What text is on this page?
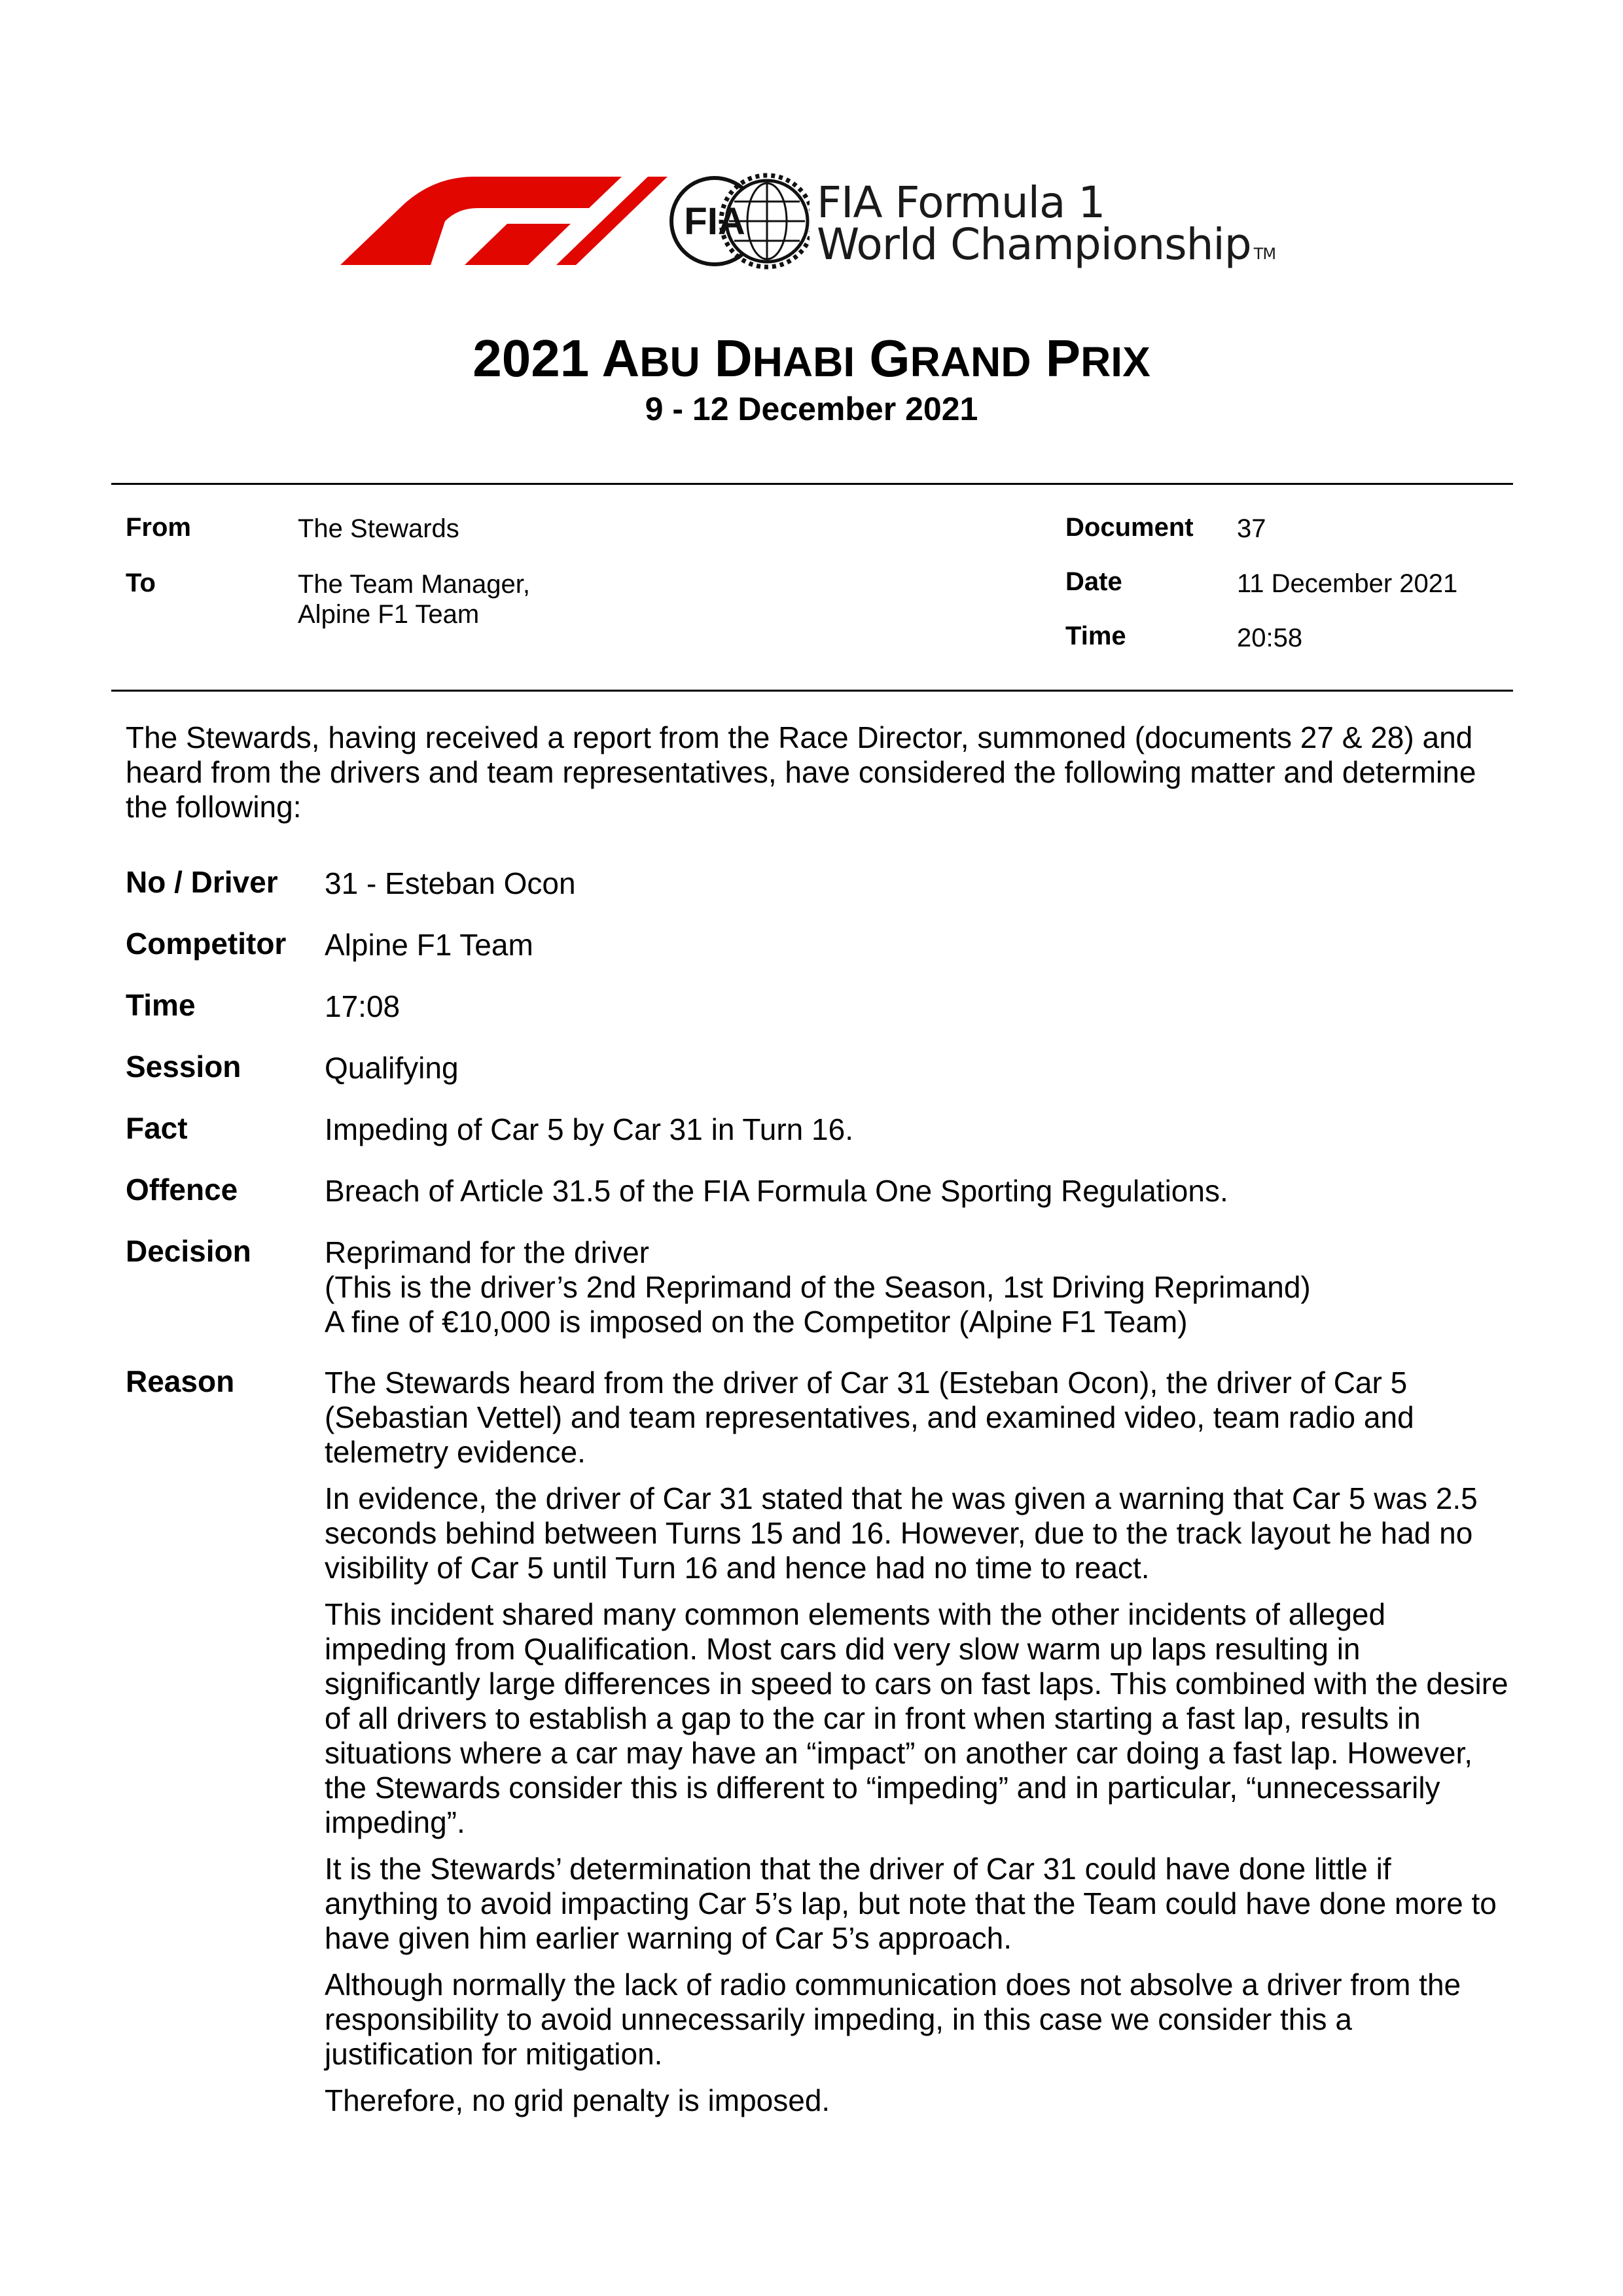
FIA FIA Formula 1
World Championship TM
2021 ABU DHABI GRAND PRIX
9 - 12 December 2021
From	The Stewards
To	The Team Manager,
Alpine F1 Team
Document 37
Date	11 December 2021
Time	20:58
The Stewards, having received a report from the Race Director, summoned (documents 27 & 28) and heard from the drivers and team representatives, have considered the following matter and determine the following:
No / Driver 31 - Esteban Ocon
Competitor Alpine F1 Team
Time	17:08
Session	Qualifying
Fact	Impeding of Car 5 by Car 31 in Turn 16.
Offence	Breach of Article 31.5 of the FIA Formula One Sporting Regulations.
Decision Reprimand for the driver
(This is the driver’s 2nd Reprimand of the Season, 1st Driving Reprimand)
A fine of €10,000 is imposed on the Competitor (Alpine F1 Team)
Reason	The Stewards heard from the driver of Car 31 (Esteban Ocon), the driver of Car 5 (Sebastian Vettel) and team representatives, and examined video, team radio and telemetry evidence.

In evidence, the driver of Car 31 stated that he was given a warning that Car 5 was 2.5 seconds behind between Turns 15 and 16. However, due to the track layout he had no visibility of Car 5 until Turn 16 and hence had no time to react.

This incident shared many common elements with the other incidents of alleged impeding from Qualification. Most cars did very slow warm up laps resulting in significantly large differences in speed to cars on fast laps. This combined with the desire of all drivers to establish a gap to the car in front when starting a fast lap, results in situations where a car may have an “impact” on another car doing a fast lap. However, the Stewards consider this is different to “impeding” and in particular, “unnecessarily impeding”.

It is the Stewards’ determination that the driver of Car 31 could have done little if anything to avoid impacting Car 5’s lap, but note that the Team could have done more to have given him earlier warning of Car 5’s approach.

Although normally the lack of radio communication does not absolve a driver from the responsibility to avoid unnecessarily impeding, in this case we consider this a justification for mitigation.

Therefore, no grid penalty is imposed.
